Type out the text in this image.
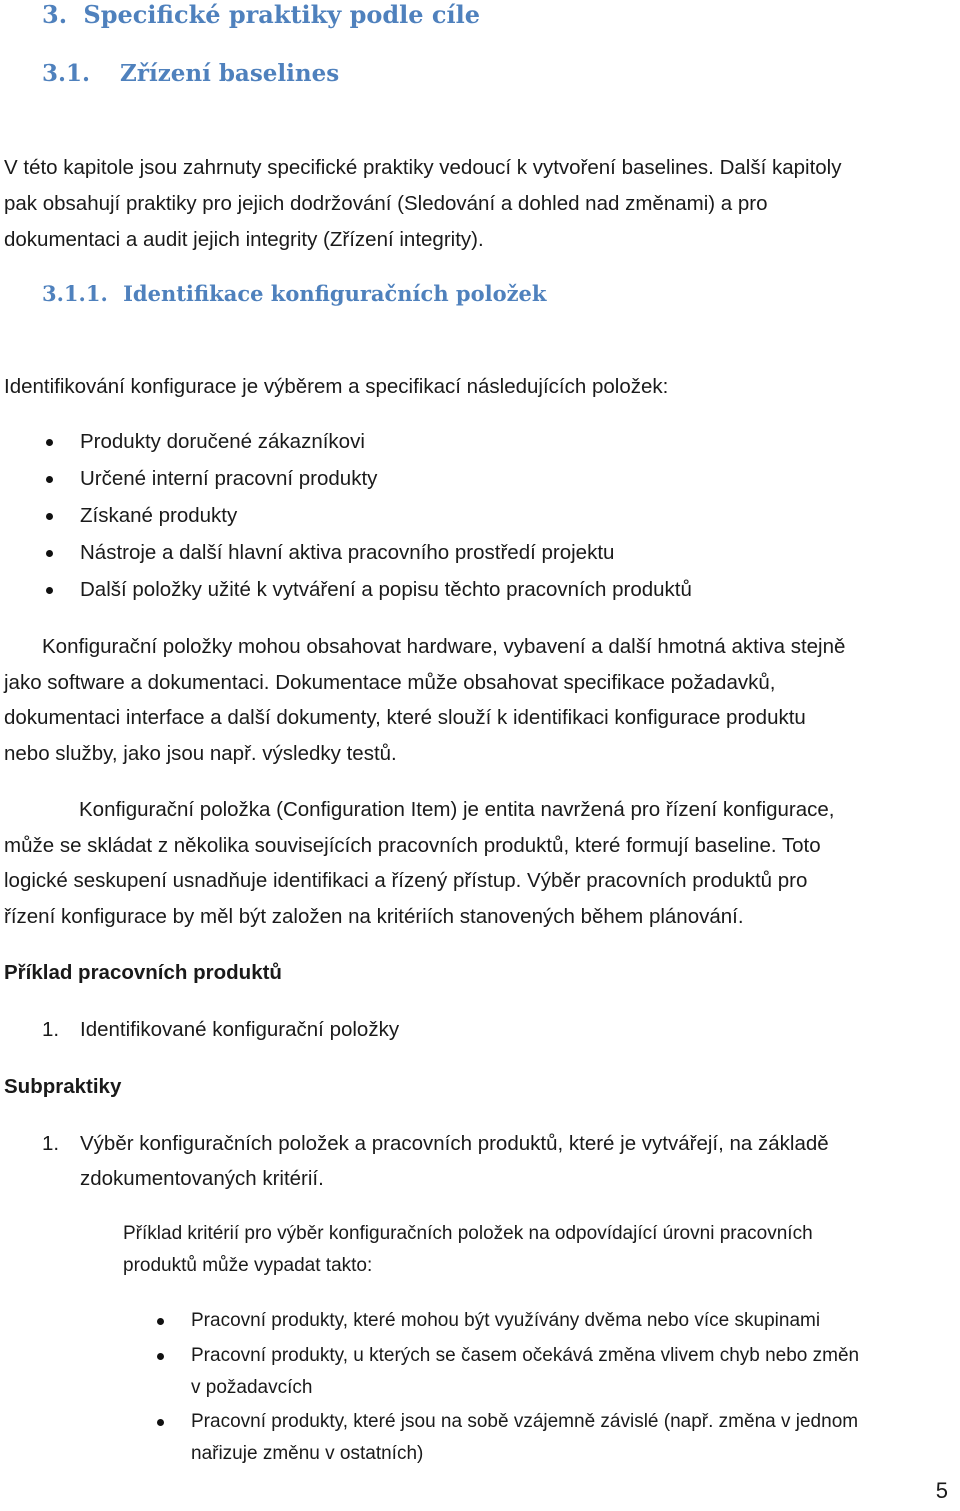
3. Specifické praktiky podle cíle
3.1. Zřízení baselines

V této kapitole jsou zahrnuty specifické praktiky vedoucí k vytvoření baselines. Další kapitoly

pak obsahují praktiky pro jejich dodržování (Sledování a dohled nad změnami) a pro

dokumentaci a audit jejich integrity (Zřízení integrity).

3.1.1. Identifikace konfiguračních položek
Identifikování konfigurace je výběrem a specifikací následujících položek:
Produkty doručené zákazníkovi
Určené interní pracovní produkty
Získané produkty
Nástroje a další hlavní aktiva pracovního prostředí projektu
Další položky užité k vytváření a popisu těchto pracovních produktů
Konfigurační položky mohou obsahovat hardware, vybavení a další hmotná aktiva stejně
jako software a dokumentaci. Dokumentace může obsahovat specifikace požadavků,
dokumentaci interface a další dokumenty, které slouží k identifikaci konfigurace produktu
nebo služby, jako jsou např. výsledky testů.
Konfigurační položka (Configuration Item) je entita navržená pro řízení konfigurace,
může se skládat z několika souvisejících pracovních produktů, které formují baseline. Toto
logické seskupení usnadňuje identifikaci a řízený přístup. Výběr pracovních produktů pro
řízení konfigurace by měl být založen na kritériích stanovených během plánování.
Příklad pracovních produktů
1. Identifikované konfigurační položky
Subpraktiky
1. Výběr konfiguračních položek a pracovních produktů, které je vytvářejí, na základě
zdokumentovaných kritérií.
Příklad kritérií pro výběr konfiguračních položek na odpovídající úrovni pracovních
produktů může vypadat takto:
Pracovní produkty, které mohou být využívány dvěma nebo více skupinami
Pracovní produkty, u kterých se časem očekává změna vlivem chyb nebo změn
v požadavcích
Pracovní produkty, které jsou na sobě vzájemně závislé (např. změna v jednom
nařizuje změnu v ostatních)
5
